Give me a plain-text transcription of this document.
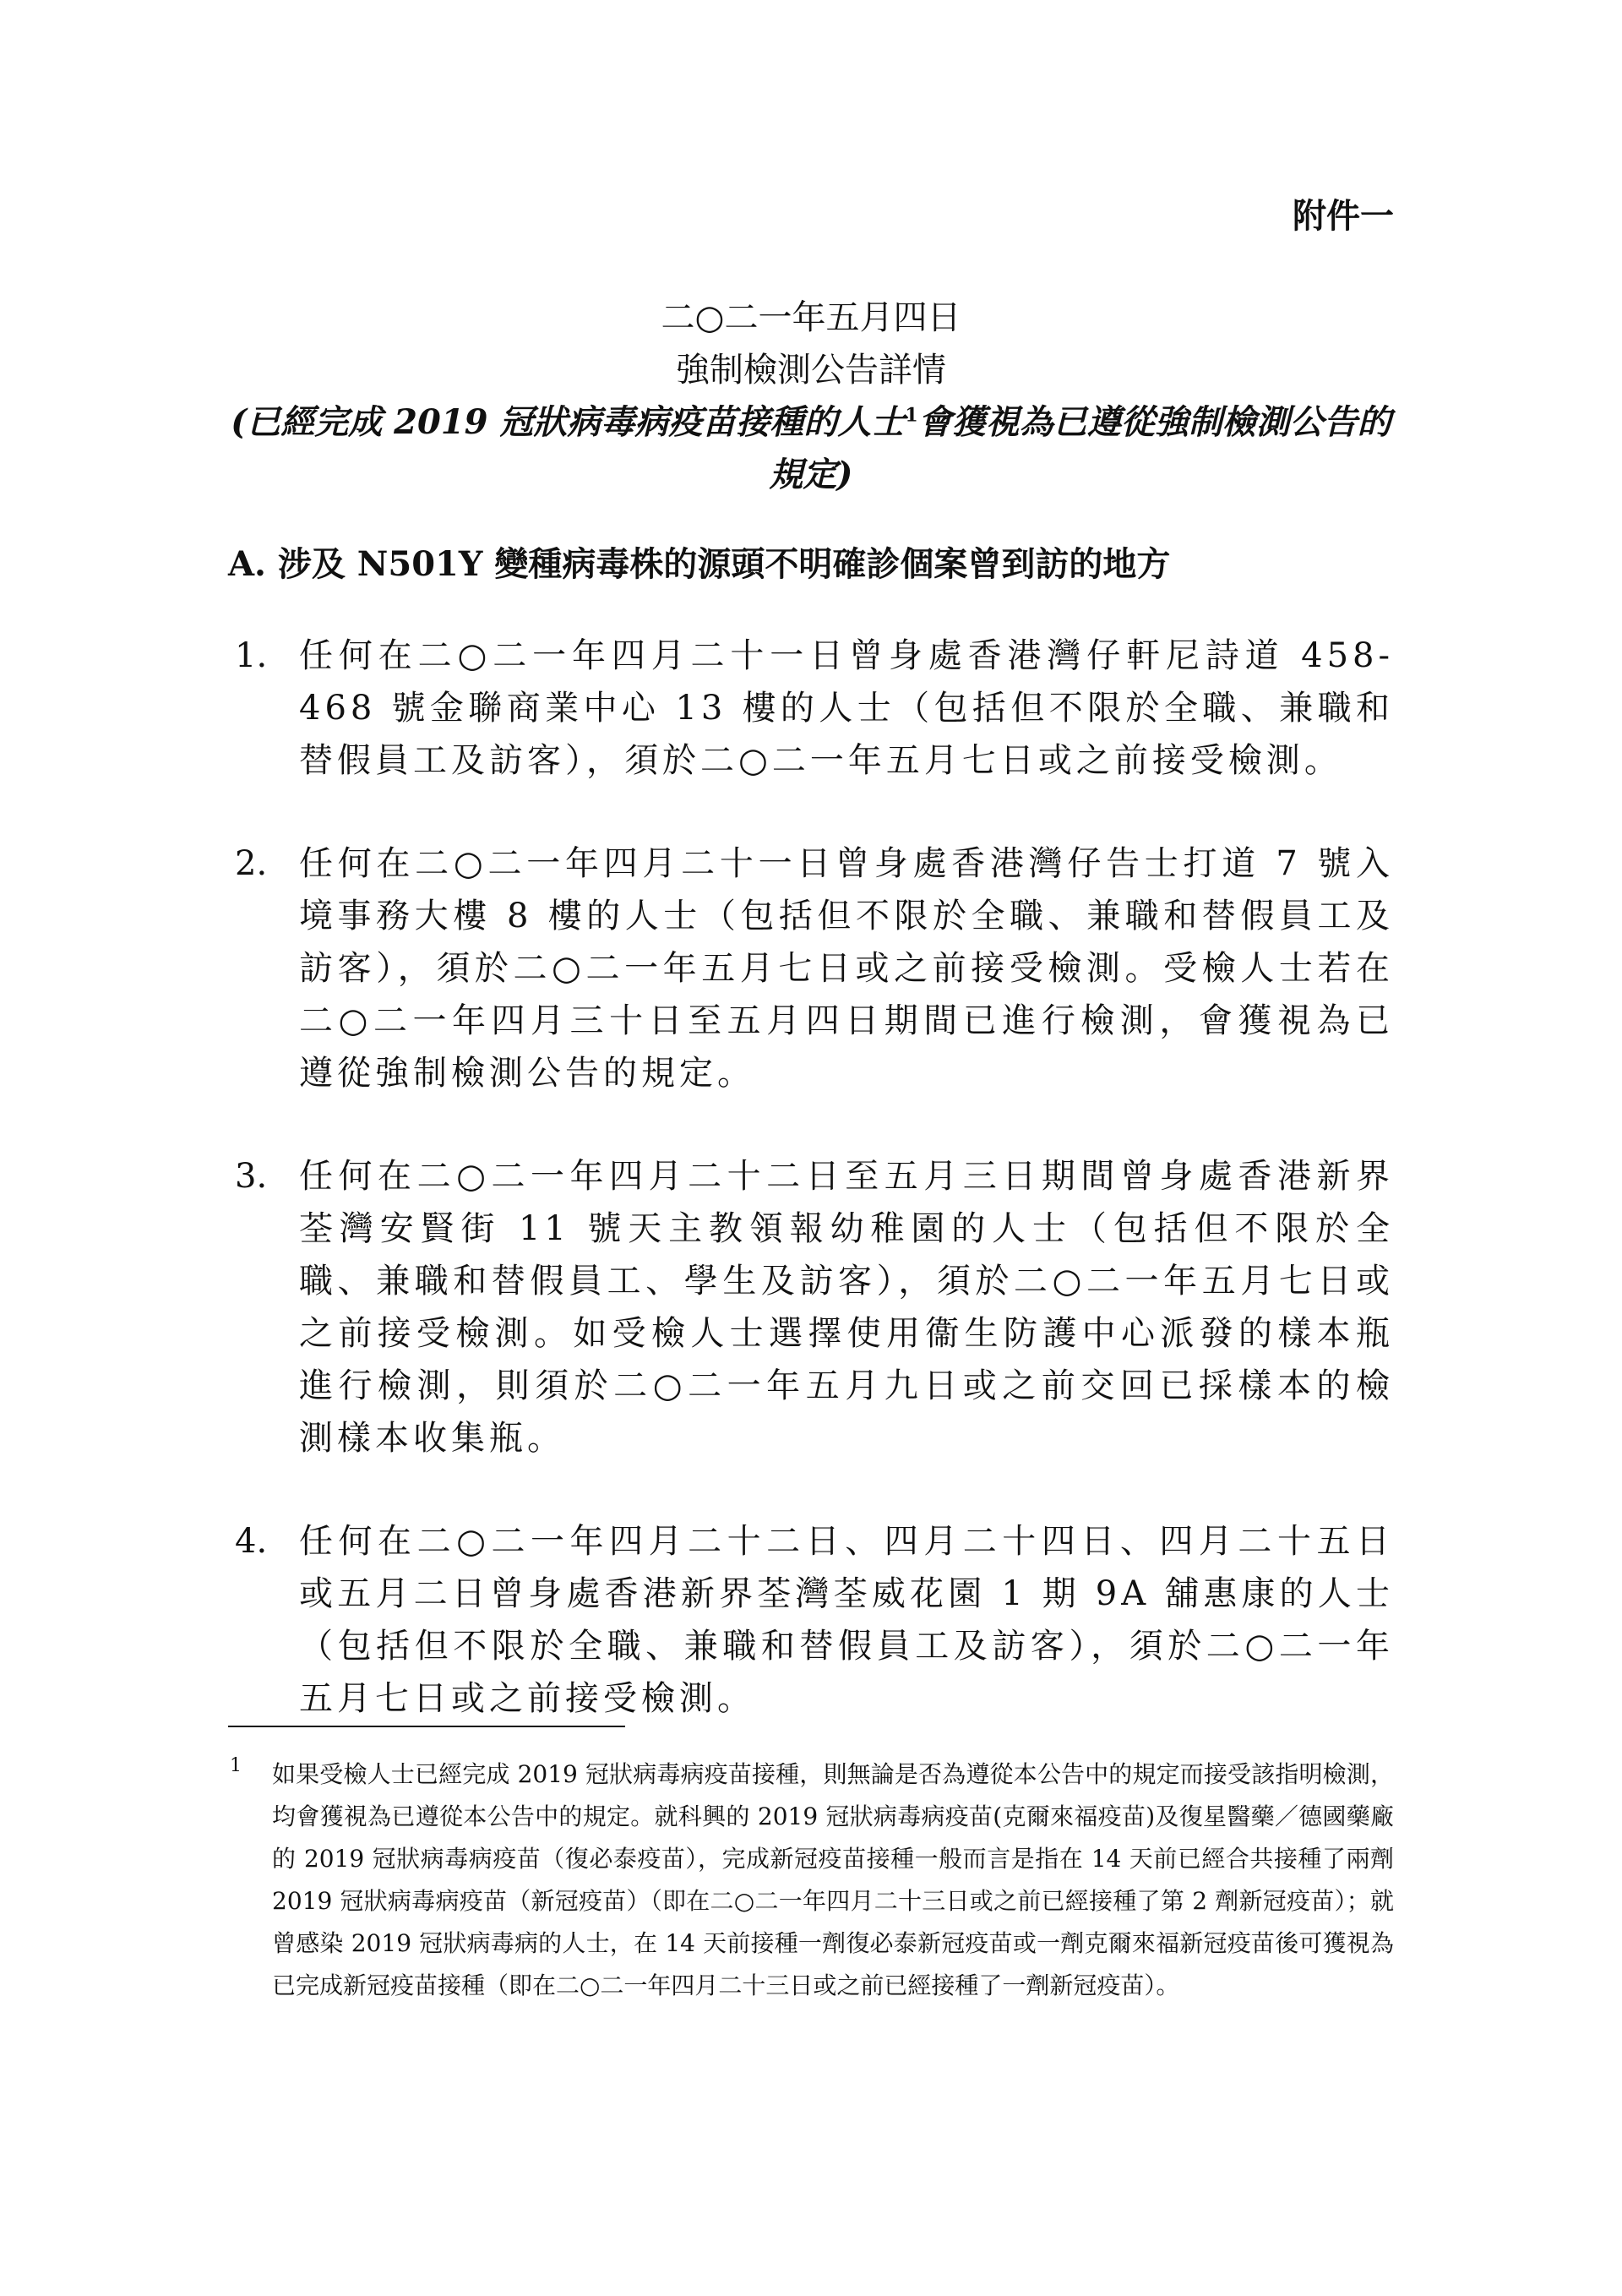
附件一

二○二一年五月四日

強制檢測公告詳情

(已經完成 2019 冠狀病毒病疫苗接種的人士$^1$會獲視為已遵從強制檢測公告的規定)

A. 涉及 N501Y 變種病毒株的源頭不明確診個案曾到訪的地方

1. 任何在二○二一年四月二十一日曾身處香港灣仔軒尼詩道 458-468 號金聯商業中心 13 樓的人士（包括但不限於全職、兼職和替假員工及訪客），須於二○二一年五月七日或之前接受檢測。

2. 任何在二○二一年四月二十一日曾身處香港灣仔告士打道 7 號入境事務大樓 8 樓的人士（包括但不限於全職、兼職和替假員工及訪客），須於二○二一年五月七日或之前接受檢測。受檢人士若在二○二一年四月三十日至五月四日期間已進行檢測，會獲視為已遵從強制檢測公告的規定。

3. 任何在二○二一年四月二十二日至五月三日期間曾身處香港新界荃灣安賢街 11 號天主教領報幼稚園的人士（包括但不限於全職、兼職和替假員工、學生及訪客），須於二○二一年五月七日或之前接受檢測。如受檢人士選擇使用衞生防護中心派發的樣本瓶進行檢測，則須於二○二一年五月九日或之前交回已採樣本的檢測樣本收集瓶。

4. 任何在二○二一年四月二十二日、四月二十四日、四月二十五日或五月二日曾身處香港新界荃灣荃威花園 1 期 9A 舖惠康的人士（包括但不限於全職、兼職和替假員工及訪客），須於二○二一年五月七日或之前接受檢測。

1	如果受檢人士已經完成 2019 冠狀病毒病疫苗接種，則無論是否為遵從本公告中的規定而接受該指明檢測，均會獲視為已遵從本公告中的規定。就科興的 2019 冠狀病毒病疫苗(克爾來福疫苗)及復星醫藥／德國藥廠的 2019 冠狀病毒病疫苗（復必泰疫苗），完成新冠疫苗接種一般而言是指在 14 天前已經合共接種了兩劑 2019 冠狀病毒病疫苗（新冠疫苗）（即在二○二一年四月二十三日或之前已經接種了第 2 劑新冠疫苗）；就曾感染 2019 冠狀病毒病的人士，在 14 天前接種一劑復必泰新冠疫苗或一劑克爾來福新冠疫苗後可獲視為已完成新冠疫苗接種（即在二○二一年四月二十三日或之前已經接種了一劑新冠疫苗）。
